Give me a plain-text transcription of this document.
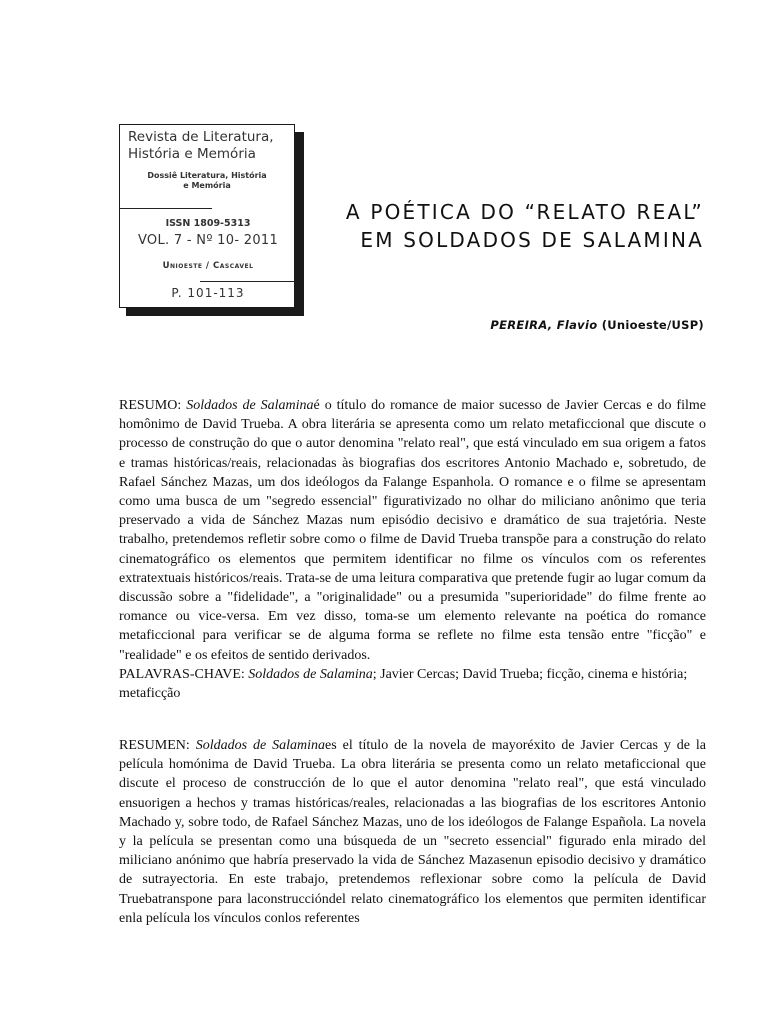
Revista de Literatura,
História e Memória
Dossiê Literatura, História
e Memória
ISSN 1809-5313
VOL. 7 - Nº 10- 2011
Unioeste / Cascavel
P. 101-113
A POÉTICA DO “RELATO REAL”
EM SOLDADOS DE SALAMINA
PEREIRA, Flavio (Unioeste/USP)

RESUMO: Soldados de Salaminaé o título do romance de maior sucesso de Javier Cercas e do filme homônimo de David Trueba. A obra literária se apresenta como um relato metaficcional que discute o processo de construção do que o autor denomina "relato real", que está vinculado em sua origem a fatos e tramas históricas/reais, relacionadas às biografias dos escritores Antonio Machado e, sobretudo, de Rafael Sánchez Mazas, um dos ideólogos da Falange Espanhola. O romance e o filme se apresentam como uma busca de um "segredo essencial" figurativizado no olhar do miliciano anônimo que teria preservado a vida de Sánchez Mazas num episódio decisivo e dramático de sua trajetória. Neste trabalho, pretendemos refletir sobre como o filme de David Trueba transpõe para a construção do relato cinematográfico os elementos que permitem identificar no filme os vínculos com os referentes extratextuais históricos/reais. Trata-se de uma leitura comparativa que pretende fugir ao lugar comum da discussão sobre a "fidelidade", a "originalidade" ou a presumida "superioridade" do filme frente ao romance ou vice-versa. Em vez disso, toma-se um elemento relevante na poética do romance metaficcional para verificar se de alguma forma se reflete no filme esta tensão entre "ficção" e "realidade" e os efeitos de sentido derivados.

PALAVRAS-CHAVE: Soldados de Salamina; Javier Cercas; David Trueba; ficção, cinema e história; metaficção

RESUMEN: Soldados de Salaminaes el título de la novela de mayoréxito de Javier Cercas y de la película homónima de David Trueba. La obra literária se presenta como un relato metaficcional que discute el proceso de construcción de lo que el autor denomina "relato real", que está vinculado ensuorigen a hechos y tramas históricas/reales, relacionadas a las biografias de los escritores Antonio Machado y, sobre todo, de Rafael Sánchez Mazas, uno de los ideólogos de Falange Española. La novela y la película se presentan como una búsqueda de un "secreto essencial" figurado enla mirado del miliciano anónimo que habría preservado la vida de Sánchez Mazasenun episodio decisivo y dramático de sutrayectoria. En este trabajo, pretendemos reflexionar sobre como la película de David Truebatranspone para laconstruccióndel relato cinematográfico los elementos que permiten identificar enla película los vínculos conlos referentes
